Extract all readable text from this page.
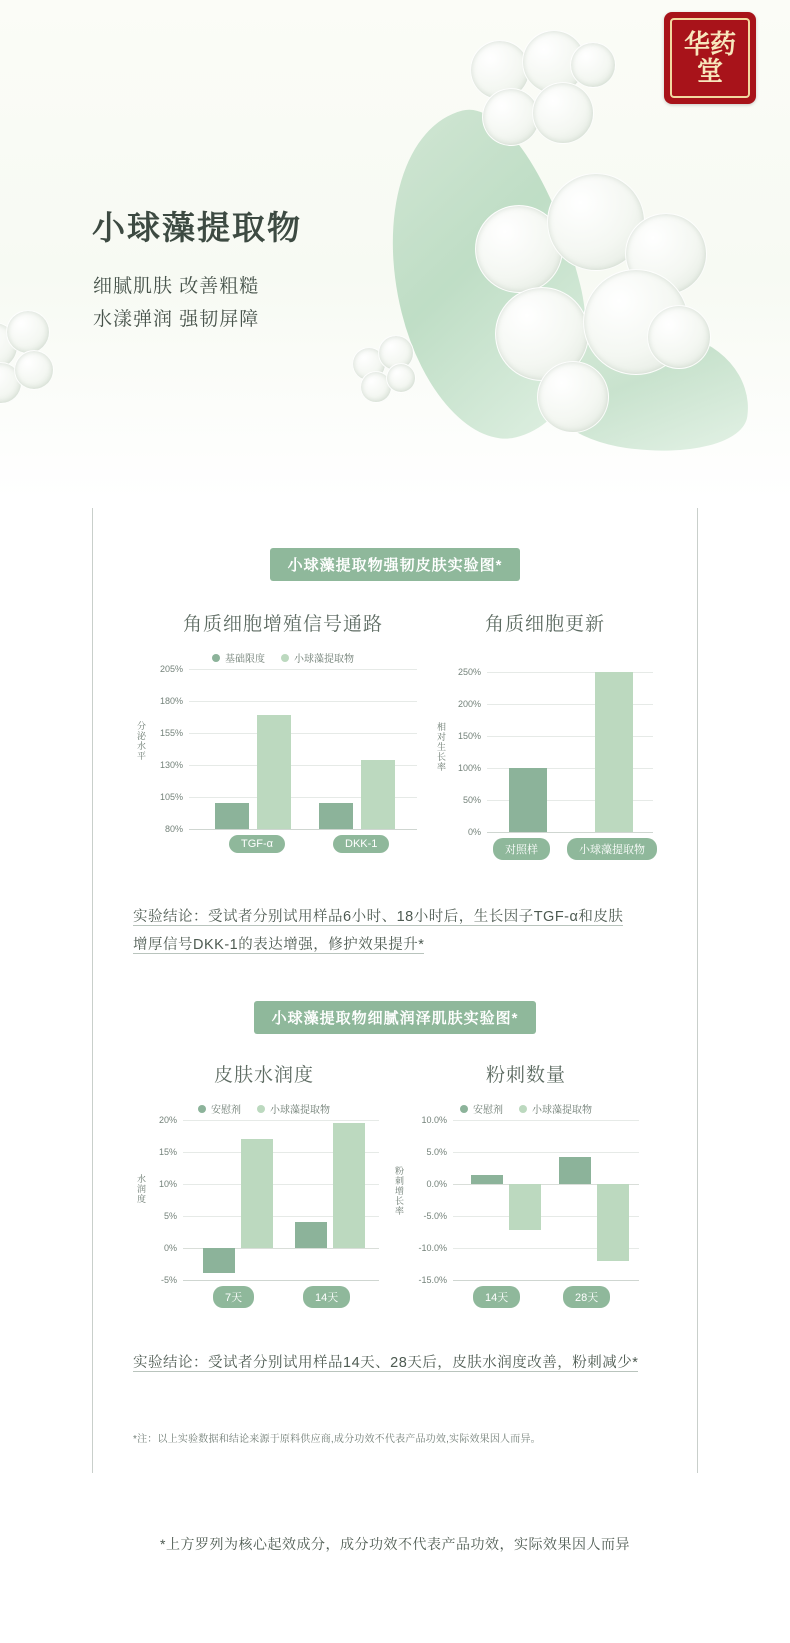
华药堂
小球藻提取物
细腻肌肤 改善粗糙
水漾弹润 强韧屏障
小球藻提取物强韧皮肤实验图*
角质细胞增殖信号通路
基础限度	小球藻提取物
分泌水平
205%
180%
155%
130%
105%
80%
TGF-α	DKK-1
角质细胞更新
相对生长率
250%
200%
150%
100%
50%
0%
对照样	小球藻提取物
实验结论：受试者分别试用样品6小时、18小时后，生长因子TGF-α和皮肤增厚信号DKK-1的表达增强，修护效果提升*
小球藻提取物细腻润泽肌肤实验图*
皮肤水润度
安慰剂	小球藻提取物
水润度
20%
15%
10%
5%
0%
-5%
7天	14天
粉刺数量
安慰剂	小球藻提取物
粉刺增长率
10.0%
5.0%
0.0%
-5.0%
-10.0%
-15.0%
14天	28天
实验结论：受试者分别试用样品14天、28天后，皮肤水润度改善，粉刺减少*
*注：以上实验数据和结论来源于原料供应商,成分功效不代表产品功效,实际效果因人而异。
*上方罗列为核心起效成分，成分功效不代表产品功效，实际效果因人而异
